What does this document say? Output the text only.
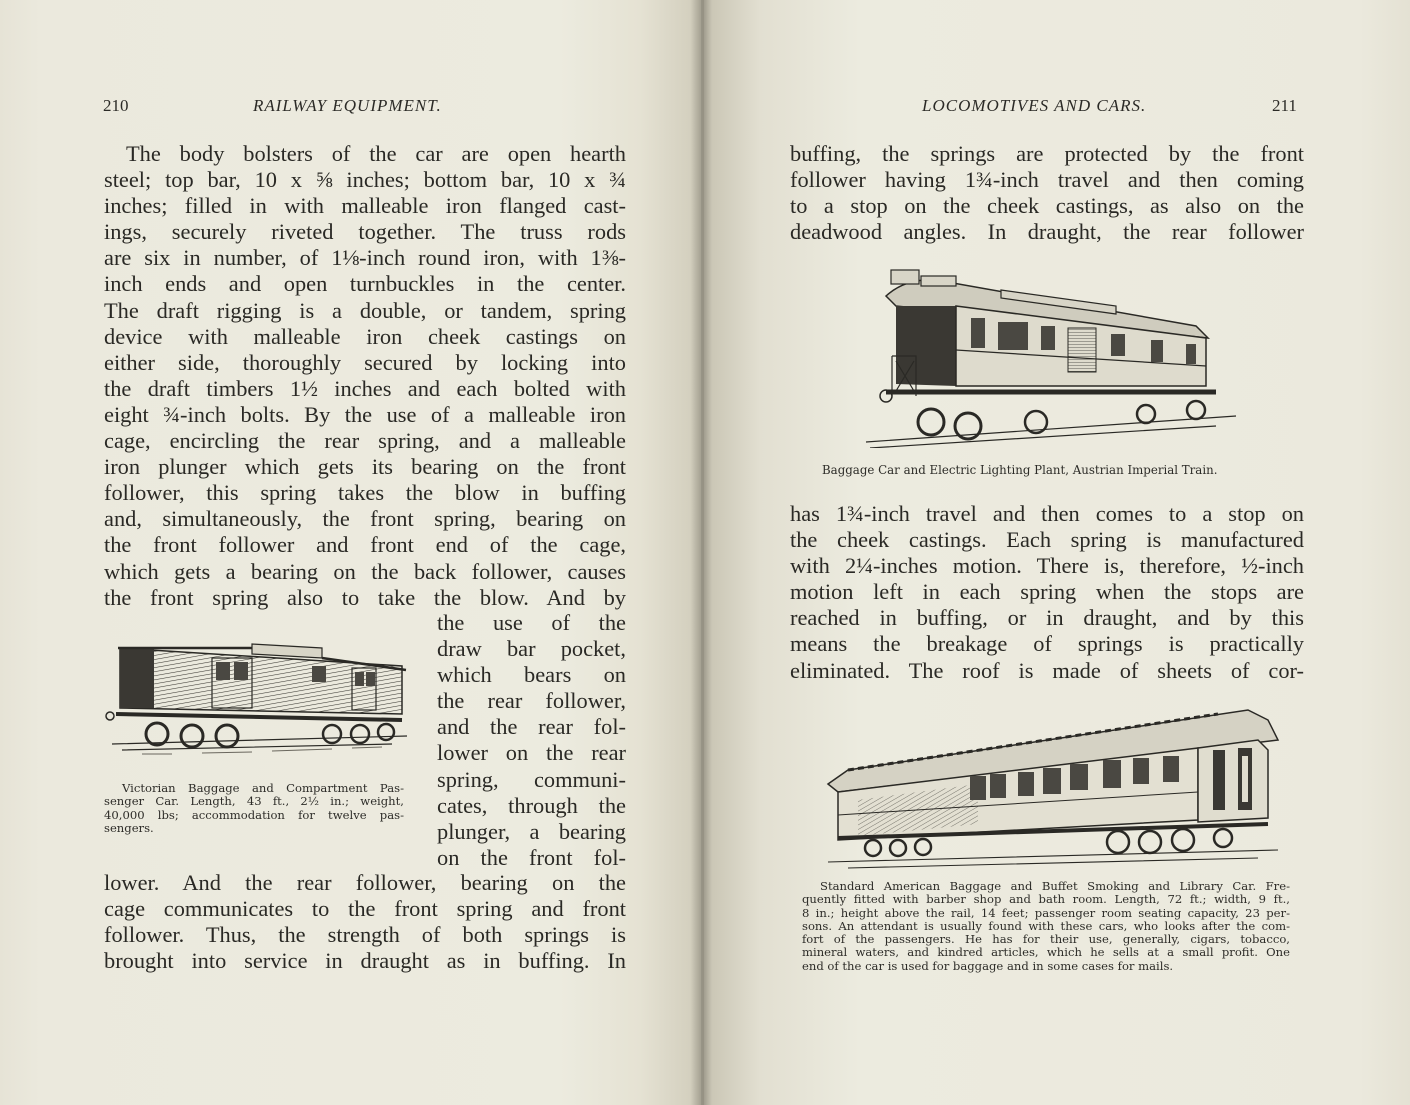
210	RAILWAY EQUIPMENT.
The body bolsters of the car are open hearth
steel; top bar, 10 x ⅝ inches; bottom bar, 10 x ¾
inches; filled in with malleable iron flanged cast-
ings, securely riveted together. The truss rods
are six in number, of 1⅛-inch round iron, with 1⅜-
inch ends and open turnbuckles in the center.
The draft rigging is a double, or tandem, spring
device with malleable iron cheek castings on
either side, thoroughly secured by locking into
the draft timbers 1½ inches and each bolted with
eight ¾-inch bolts. By the use of a malleable iron
cage, encircling the rear spring, and a malleable
iron plunger which gets its bearing on the front
follower, this spring takes the blow in buffing
and, simultaneously, the front spring, bearing on
the front follower and front end of the cage,
which gets a bearing on the back follower, causes
the front spring also to take the blow. And by
the use of the
draw bar pocket,
which bears on
the rear follower,
and the rear fol-
lower on the rear
spring, communi-
cates, through the
plunger, a bearing
on the front fol-
Victorian Baggage and Compartment Pas-
senger Car. Length, 43 ft., 2½ in.; weight,
40,000 lbs; accommodation for twelve pas-
sengers.
lower. And the rear follower, bearing on the
cage communicates to the front spring and front
follower. Thus, the strength of both springs is
brought into service in draught as in buffing. In
LOCOMOTIVES AND CARS.	211
buffing, the springs are protected by the front
follower having 1¾-inch travel and then coming
to a stop on the cheek castings, as also on the
deadwood angles. In draught, the rear follower
Baggage Car and Electric Lighting Plant, Austrian Imperial Train.
has 1¾-inch travel and then comes to a stop on
the cheek castings. Each spring is manufactured
with 2¼-inches motion. There is, therefore, ½-inch
motion left in each spring when the stops are
reached in buffing, or in draught, and by this
means the breakage of springs is practically
eliminated. The roof is made of sheets of cor-
Standard American Baggage and Buffet Smoking and Library Car. Fre-
quently fitted with barber shop and bath room. Length, 72 ft.; width, 9 ft.,
8 in.; height above the rail, 14 feet; passenger room seating capacity, 23 per-
sons. An attendant is usually found with these cars, who looks after the com-
fort of the passengers. He has for their use, generally, cigars, tobacco,
mineral waters, and kindred articles, which he sells at a small profit. One
end of the car is used for baggage and in some cases for mails.
